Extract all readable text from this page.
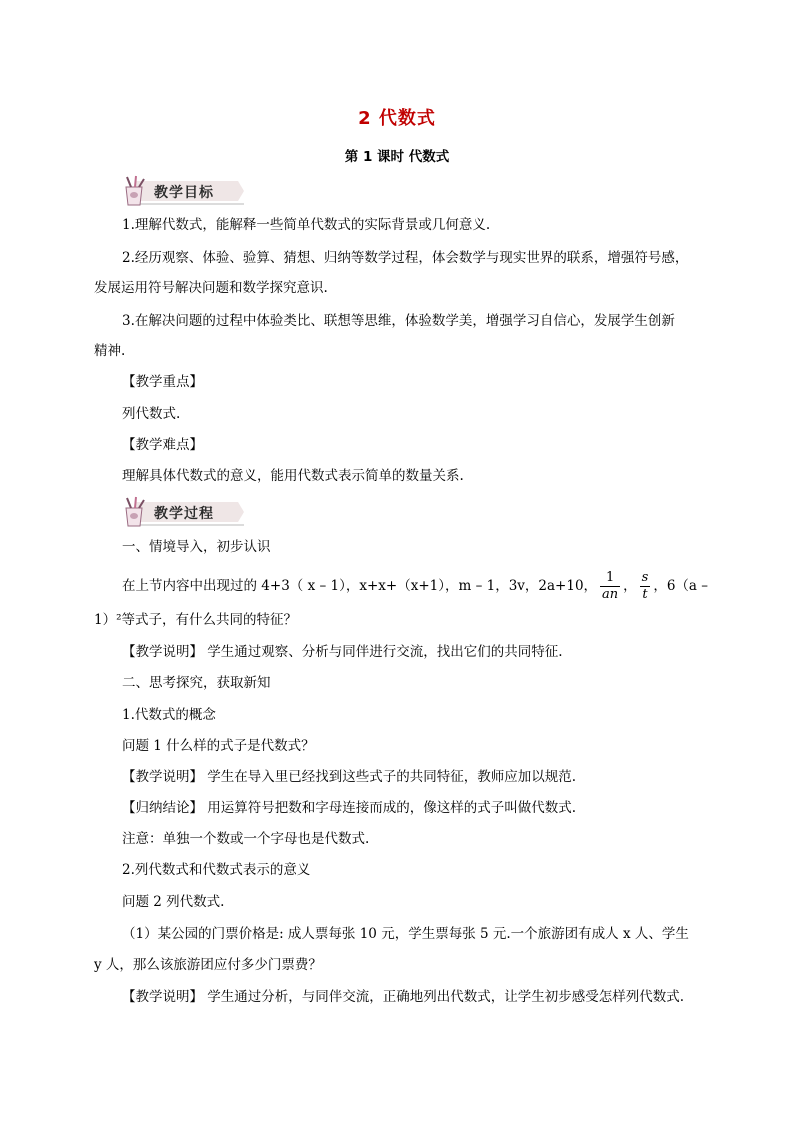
2 代数式
第 1 课时 代数式
教学目标
1.理解代数式，能解释一些简单代数式的实际背景或几何意义.
2.经历观察、体验、验算、猜想、归纳等数学过程，体会数学与现实世界的联系，增强符号感，
发展运用符号解决问题和数学探究意识.
3.在解决问题的过程中体验类比、联想等思维，体验数学美，增强学习自信心，发展学生创新
精神.
【教学重点】
列代数式.
【教学难点】
理解具体代数式的意义，能用代数式表示简单的数量关系.
教学过程
一、情境导入，初步认识
在上节内容中出现过的 4+3（ x – 1），x+x+（x+1），m – 1，3v，2a+10， $\frac{1}{an}$ ， $\frac{s}{t}$ ，6（a –
1）²等式子，有什么共同的特征？
【教学说明】 学生通过观察、分析与同伴进行交流，找出它们的共同特征.
二、思考探究，获取新知
1.代数式的概念
问题 1 什么样的式子是代数式？
【教学说明】 学生在导入里已经找到这些式子的共同特征，教师应加以规范.
【归纳结论】 用运算符号把数和字母连接而成的，像这样的式子叫做代数式.
注意：单独一个数或一个字母也是代数式.
2.列代数式和代数式表示的意义
问题 2 列代数式.
（1）某公园的门票价格是: 成人票每张 10 元，学生票每张 5 元.一个旅游团有成人 x 人、学生
y 人，那么该旅游团应付多少门票费？
【教学说明】 学生通过分析，与同伴交流，正确地列出代数式，让学生初步感受怎样列代数式.
